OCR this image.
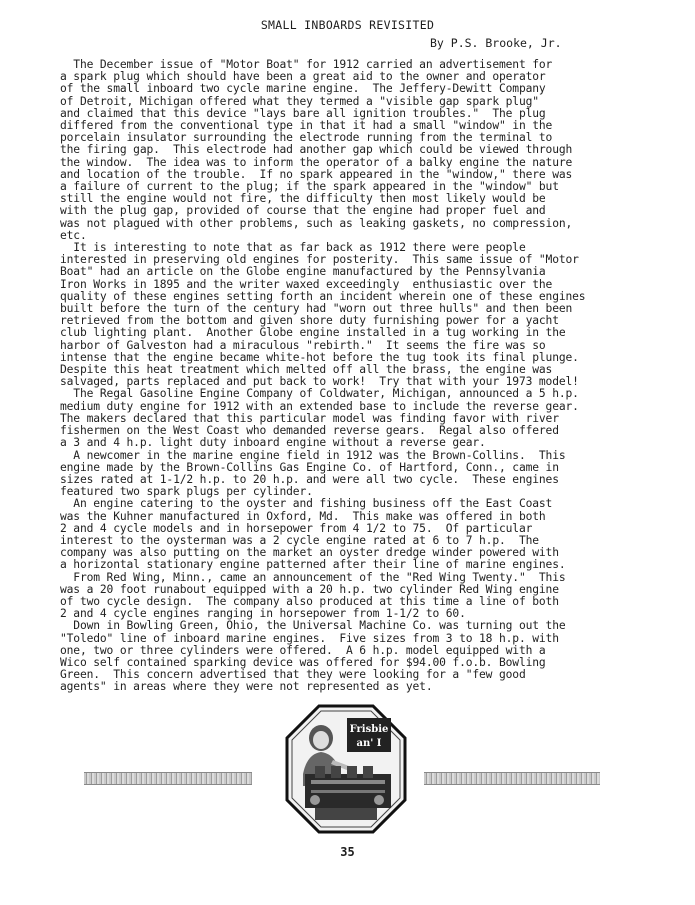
SMALL INBOARDS REVISITED
By P.S. Brooke, Jr.
The December issue of "Motor Boat" for 1912 carried an advertisement for
a spark plug which should have been a great aid to the owner and operator
of the small inboard two cycle marine engine.  The Jeffery-Dewitt Company
of Detroit, Michigan offered what they termed a "visible gap spark plug"
and claimed that this device "lays bare all ignition troubles."  The plug
differed from the conventional type in that it had a small "window" in the
porcelain insulator surrounding the electrode running from the terminal to
the firing gap.  This electrode had another gap which could be viewed through
the window.  The idea was to inform the operator of a balky engine the nature
and location of the trouble.  If no spark appeared in the "window," there was
a failure of current to the plug; if the spark appeared in the "window" but
still the engine would not fire, the difficulty then most likely would be
with the plug gap, provided of course that the engine had proper fuel and
was not plagued with other problems, such as leaking gaskets, no compression,
etc.
It is interesting to note that as far back as 1912 there were people
interested in preserving old engines for posterity.  This same issue of "Motor
Boat" had an article on the Globe engine manufactured by the Pennsylvania
Iron Works in 1895 and the writer waxed exceedingly  enthusiastic over the
quality of these engines setting forth an incident wherein one of these engines
built before the turn of the century had "worn out three hulls" and then been
retrieved from the bottom and given shore duty furnishing power for a yacht
club lighting plant.  Another Globe engine installed in a tug working in the
harbor of Galveston had a miraculous "rebirth."  It seems the fire was so
intense that the engine became white-hot before the tug took its final plunge.
Despite this heat treatment which melted off all the brass, the engine was
salvaged, parts replaced and put back to work!  Try that with your 1973 model!
The Regal Gasoline Engine Company of Coldwater, Michigan, announced a 5 h.p.
medium duty engine for 1912 with an extended base to include the reverse gear.
The makers declared that this particular model was finding favor with river
fishermen on the West Coast who demanded reverse gears.  Regal also offered
a 3 and 4 h.p. light duty inboard engine without a reverse gear.
A newcomer in the marine engine field in 1912 was the Brown-Collins.  This
engine made by the Brown-Collins Gas Engine Co. of Hartford, Conn., came in
sizes rated at 1-1/2 h.p. to 20 h.p. and were all two cycle.  These engines
featured two spark plugs per cylinder.
An engine catering to the oyster and fishing business off the East Coast
was the Kuhner manufactured in Oxford, Md.  This make was offered in both
2 and 4 cycle models and in horsepower from 4 1/2 to 75.  Of particular
interest to the oysterman was a 2 cycle engine rated at 6 to 7 h.p.  The
company was also putting on the market an oyster dredge winder powered with
a horizontal stationary engine patterned after their line of marine engines.
From Red Wing, Minn., came an announcement of the "Red Wing Twenty."  This
was a 20 foot runabout equipped with a 20 h.p. two cylinder Red Wing engine
of two cycle design.  The company also produced at this time a line of both
2 and 4 cycle engines ranging in horsepower from 1-1/2 to 60.
Down in Bowling Green, Ohio, the Universal Machine Co. was turning out the
"Toledo" line of inboard marine engines.  Five sizes from 3 to 18 h.p. with
one, two or three cylinders were offered.  A 6 h.p. model equipped with a
Wico self contained sparking device was offered for $94.00 f.o.b. Bowling
Green.  This concern advertised that they were looking for a "few good
agents" in areas where they were not represented as yet.
Frisbie
an' I
35
